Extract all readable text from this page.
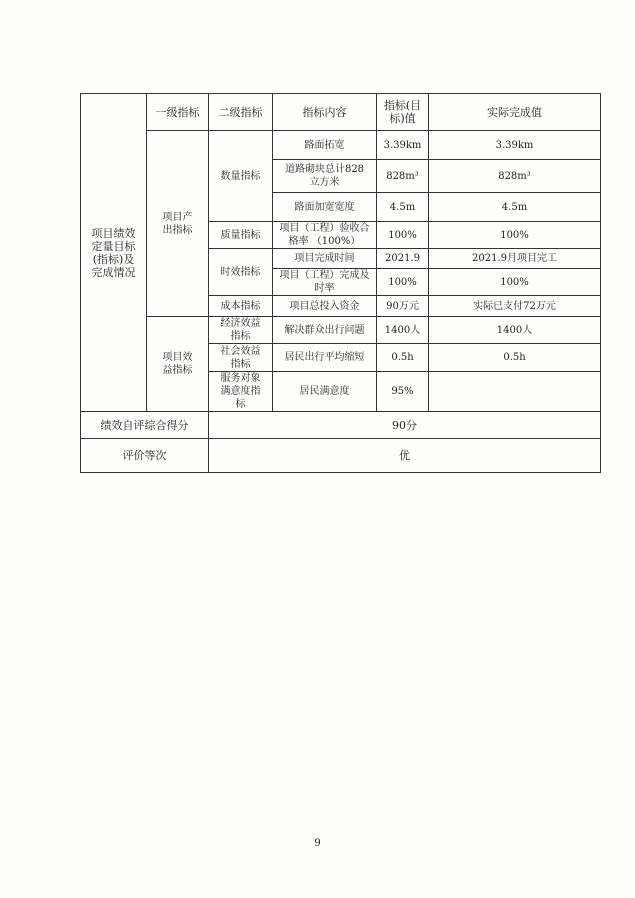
项目绩效定量目标(指标)及完成情况	一级指标	二级指标	指标内容	指标(目标)值	实际完成值
	项目产出指标	数量指标	路面拓宽	3.39km	3.39km
			道路砌块总计828立方米	828m³	828m³
			路面加宽宽度	4.5m	4.5m
		质量指标	项目（工程）验收合格率 （100%）	100%	100%
		时效指标	项目完成时间	2021.9	2021.9月项目完工
			项目（工程）完成及时率	100%	100%
		成本指标	项目总投入资金	90万元	实际已支付72万元
	项目效益指标	经济效益指标	解决群众出行问题	1400人	1400人
		社会效益指标	居民出行平均缩短	0.5h	0.5h
		服务对象满意度指标	居民满意度	95%	
绩效自评综合得分		90分			
评价等次		优			
9
